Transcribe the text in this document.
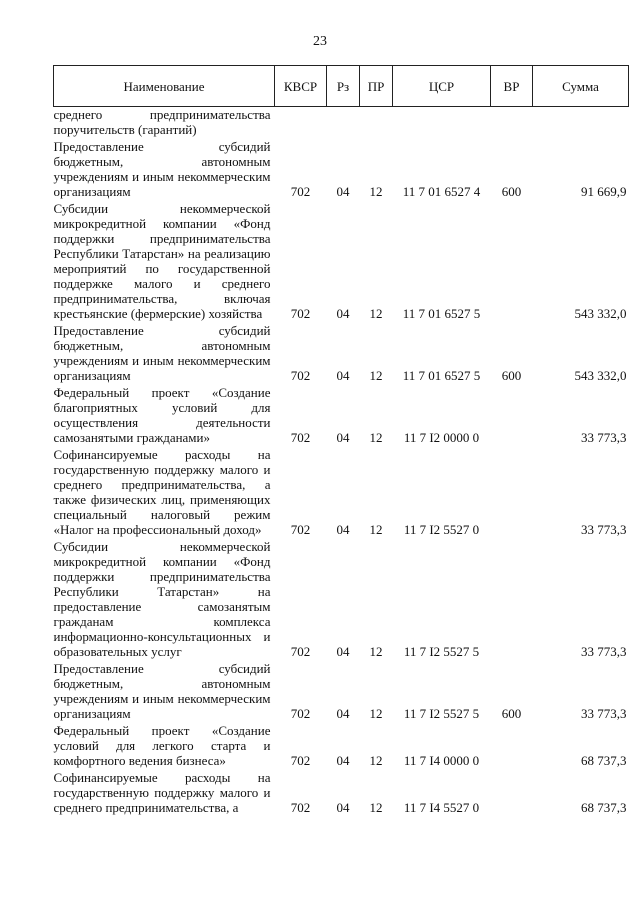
23
Наименование	КВСР	Рз	ПР	ЦСР	ВР	Сумма
среднего предпринимательства поручительств (гарантий)						
Предоставление субсидий бюджетным, автономным учреждениям и иным некоммерческим организациям	702	04	12	11 7 01 6527 4	600	91 669,9
Субсидии некоммерческой микрокредитной компании «Фонд поддержки предпринимательства Республики Татарстан» на реализацию мероприятий по государственной поддержке малого и среднего предпринимательства, включая крестьянские (фермерские) хозяйства	702	04	12	11 7 01 6527 5		543 332,0
Предоставление субсидий бюджетным, автономным учреждениям и иным некоммерческим организациям	702	04	12	11 7 01 6527 5	600	543 332,0
Федеральный проект «Создание благоприятных условий для осуществления деятельности самозанятыми гражданами»	702	04	12	11 7 I2 0000 0		33 773,3
Софинансируемые расходы на государственную поддержку малого и среднего предпринимательства, а также физических лиц, применяющих специальный налоговый режим «Налог на профессиональный доход»	702	04	12	11 7 I2 5527 0		33 773,3
Субсидии некоммерческой микрокредитной компании «Фонд поддержки предпринимательства Республики Татарстан» на предоставление самозанятым гражданам комплекса информационно-консультационных и образовательных услуг	702	04	12	11 7 I2 5527 5		33 773,3
Предоставление субсидий бюджетным, автономным учреждениям и иным некоммерческим организациям	702	04	12	11 7 I2 5527 5	600	33 773,3
Федеральный проект «Создание условий для легкого старта и комфортного ведения бизнеса»	702	04	12	11 7 I4 0000 0		68 737,3
Софинансируемые расходы на государственную поддержку малого и среднего предпринимательства, а	702	04	12	11 7 I4 5527 0		68 737,3
